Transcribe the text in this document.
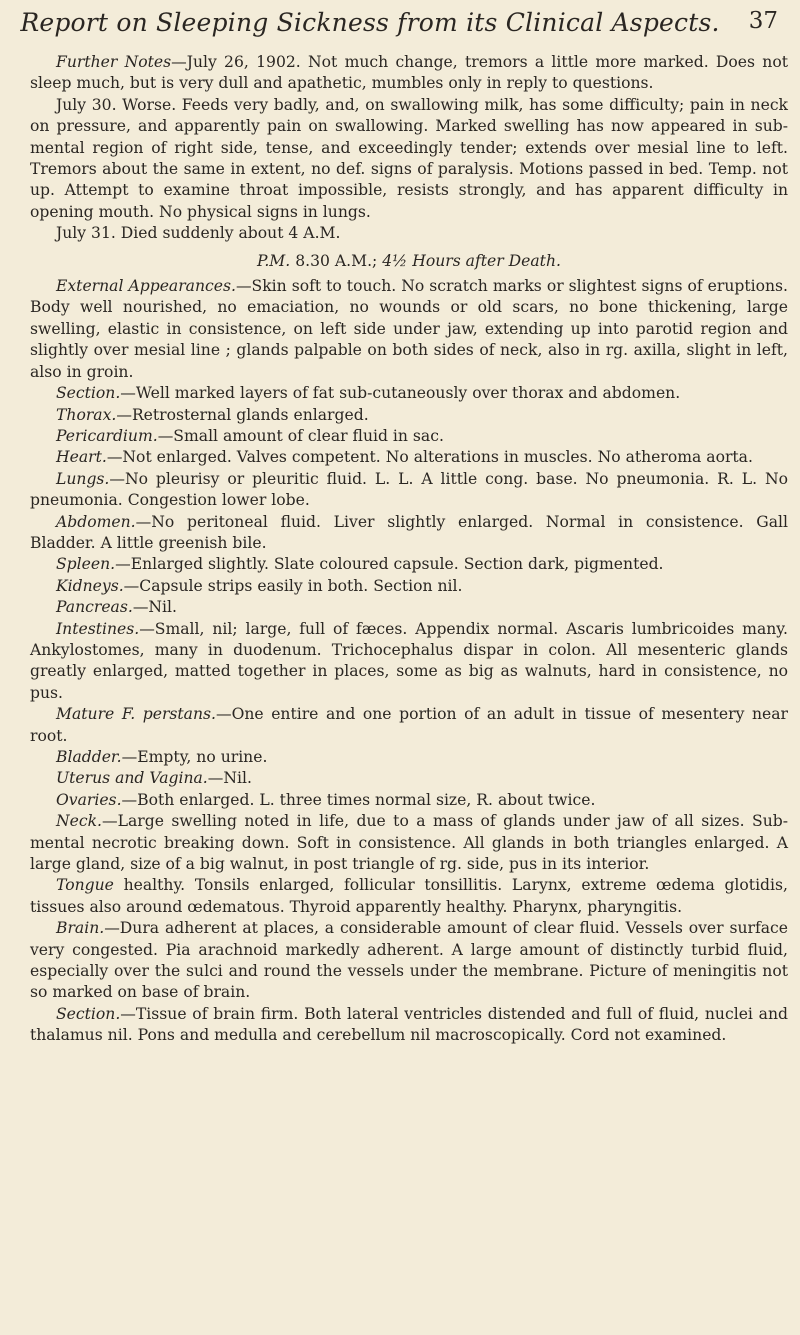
Report on Sleeping Sickness from its Clinical Aspects.	37

Further Notes—July 26, 1902. Not much change, tremors a little more marked. Does not sleep much, but is very dull and apathetic, mumbles only in reply to questions.

July 30. Worse. Feeds very badly, and, on swallowing milk, has some difficulty; pain in neck on pressure, and apparently pain on swallowing. Marked swelling has now appeared in sub-mental region of right side, tense, and exceedingly tender; extends over mesial line to left. Tremors about the same in extent, no def. signs of paralysis. Motions passed in bed. Temp. not up. Attempt to examine throat impossible, resists strongly, and has apparent difficulty in opening mouth. No physical signs in lungs.

July 31. Died suddenly about 4 A.M.

P.M. 8.30 A.M.; 4½ Hours after Death.

External Appearances.—Skin soft to touch. No scratch marks or slightest signs of eruptions. Body well nourished, no emaciation, no wounds or old scars, no bone thickening, large swelling, elastic in consistence, on left side under jaw, extending up into parotid region and slightly over mesial line ; glands palpable on both sides of neck, also in rg. axilla, slight in left, also in groin.

Section.—Well marked layers of fat sub-cutaneously over thorax and abdomen.

Thorax.—Retrosternal glands enlarged.

Pericardium.—Small amount of clear fluid in sac.

Heart.—Not enlarged. Valves competent. No alterations in muscles. No atheroma aorta.

Lungs.—No pleurisy or pleuritic fluid. L. L. A little cong. base. No pneumonia. R. L. No pneumonia. Congestion lower lobe.

Abdomen.—No peritoneal fluid. Liver slightly enlarged. Normal in consistence. Gall Bladder. A little greenish bile.

Spleen.—Enlarged slightly. Slate coloured capsule. Section dark, pigmented.

Kidneys.—Capsule strips easily in both. Section nil.

Pancreas.—Nil.

Intestines.—Small, nil; large, full of fæces. Appendix normal. Ascaris lumbricoides many. Ankylostomes, many in duodenum. Trichocephalus dispar in colon. All mesenteric glands greatly enlarged, matted together in places, some as big as walnuts, hard in consistence, no pus.

Mature F. perstans.—One entire and one portion of an adult in tissue of mesentery near root.

Bladder.—Empty, no urine.

Uterus and Vagina.—Nil.

Ovaries.—Both enlarged. L. three times normal size, R. about twice.

Neck.—Large swelling noted in life, due to a mass of glands under jaw of all sizes. Sub-mental necrotic breaking down. Soft in consistence. All glands in both triangles enlarged. A large gland, size of a big walnut, in post triangle of rg. side, pus in its interior.

Tongue healthy. Tonsils enlarged, follicular tonsillitis. Larynx, extreme œdema glotidis, tissues also around œdematous. Thyroid apparently healthy. Pharynx, pharyngitis.

Brain.—Dura adherent at places, a considerable amount of clear fluid. Vessels over surface very congested. Pia arachnoid markedly adherent. A large amount of distinctly turbid fluid, especially over the sulci and round the vessels under the membrane. Picture of meningitis not so marked on base of brain.

Section.—Tissue of brain firm. Both lateral ventricles distended and full of fluid, nuclei and thalamus nil. Pons and medulla and cerebellum nil macroscopically. Cord not examined.
